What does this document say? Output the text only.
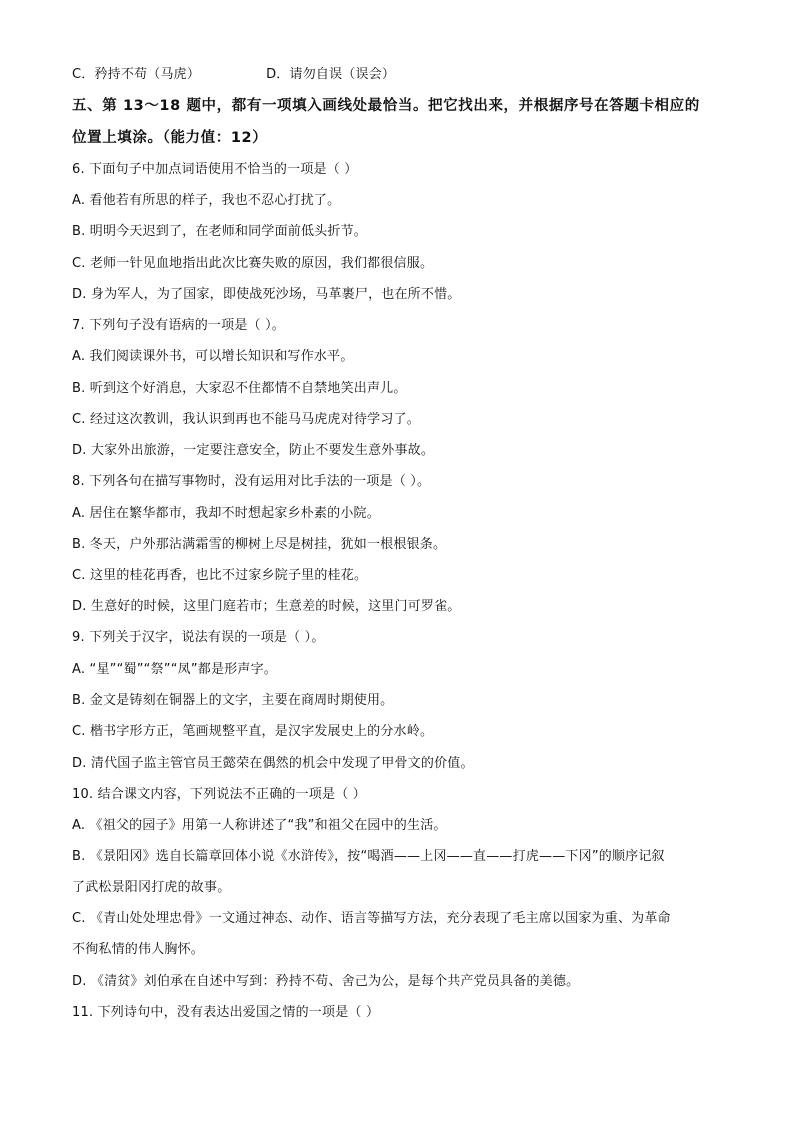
C．矜持不苟（马虎）	D．请勿自误（误会）
五、第 13～18 题中，都有一项填入画线处最恰当。把它找出来，并根据序号在答题卡相应的
位置上填涂。（能力值：12）
6. 下面句子中加点词语使用不恰当的一项是（ ）
A. 看他若有所思的样子，我也不忍心打扰了。
B. 明明今天迟到了，在老师和同学面前低头折节。
C. 老师一针见血地指出此次比赛失败的原因，我们都很信服。
D. 身为军人，为了国家，即使战死沙场，马革裹尸，也在所不惜。
7. 下列句子没有语病的一项是（ ）。
A. 我们阅读课外书，可以增长知识和写作水平。
B. 听到这个好消息，大家忍不住都情不自禁地笑出声儿。
C. 经过这次教训，我认识到再也不能马马虎虎对待学习了。
D. 大家外出旅游，一定要注意安全，防止不要发生意外事故。
8. 下列各句在描写事物时，没有运用对比手法的一项是（ ）。
A. 居住在繁华都市，我却不时想起家乡朴素的小院。
B. 冬天，户外那沾满霜雪的柳树上尽是树挂，犹如一根根银条。
C. 这里的桂花再香，也比不过家乡院子里的桂花。
D. 生意好的时候，这里门庭若市；生意差的时候，这里门可罗雀。
9. 下列关于汉字，说法有误的一项是（ ）。
A. “星”“蜀”“祭”“凤”都是形声字。
B. 金文是铸刻在铜器上的文字，主要在商周时期使用。
C. 楷书字形方正，笔画规整平直，是汉字发展史上的分水岭。
D. 清代国子监主管官员王懿荣在偶然的机会中发现了甲骨文的价值。
10. 结合课文内容，下列说法不正确的一项是（ ）
A. 《祖父的园子》用第一人称讲述了“我”和祖父在园中的生活。
B. 《景阳冈》选自长篇章回体小说《水浒传》，按“喝酒——上冈——直——打虎——下冈”的顺序记叙
了武松景阳冈打虎的故事。
C. 《青山处处埋忠骨》一文通过神态、动作、语言等描写方法，充分表现了毛主席以国家为重、为革命
不徇私情的伟人胸怀。
D. 《清贫》刘伯承在自述中写到：矜持不苟、舍己为公，是每个共产党员具备的美德。
11. 下列诗句中，没有表达出爱国之情的一项是（ ）
